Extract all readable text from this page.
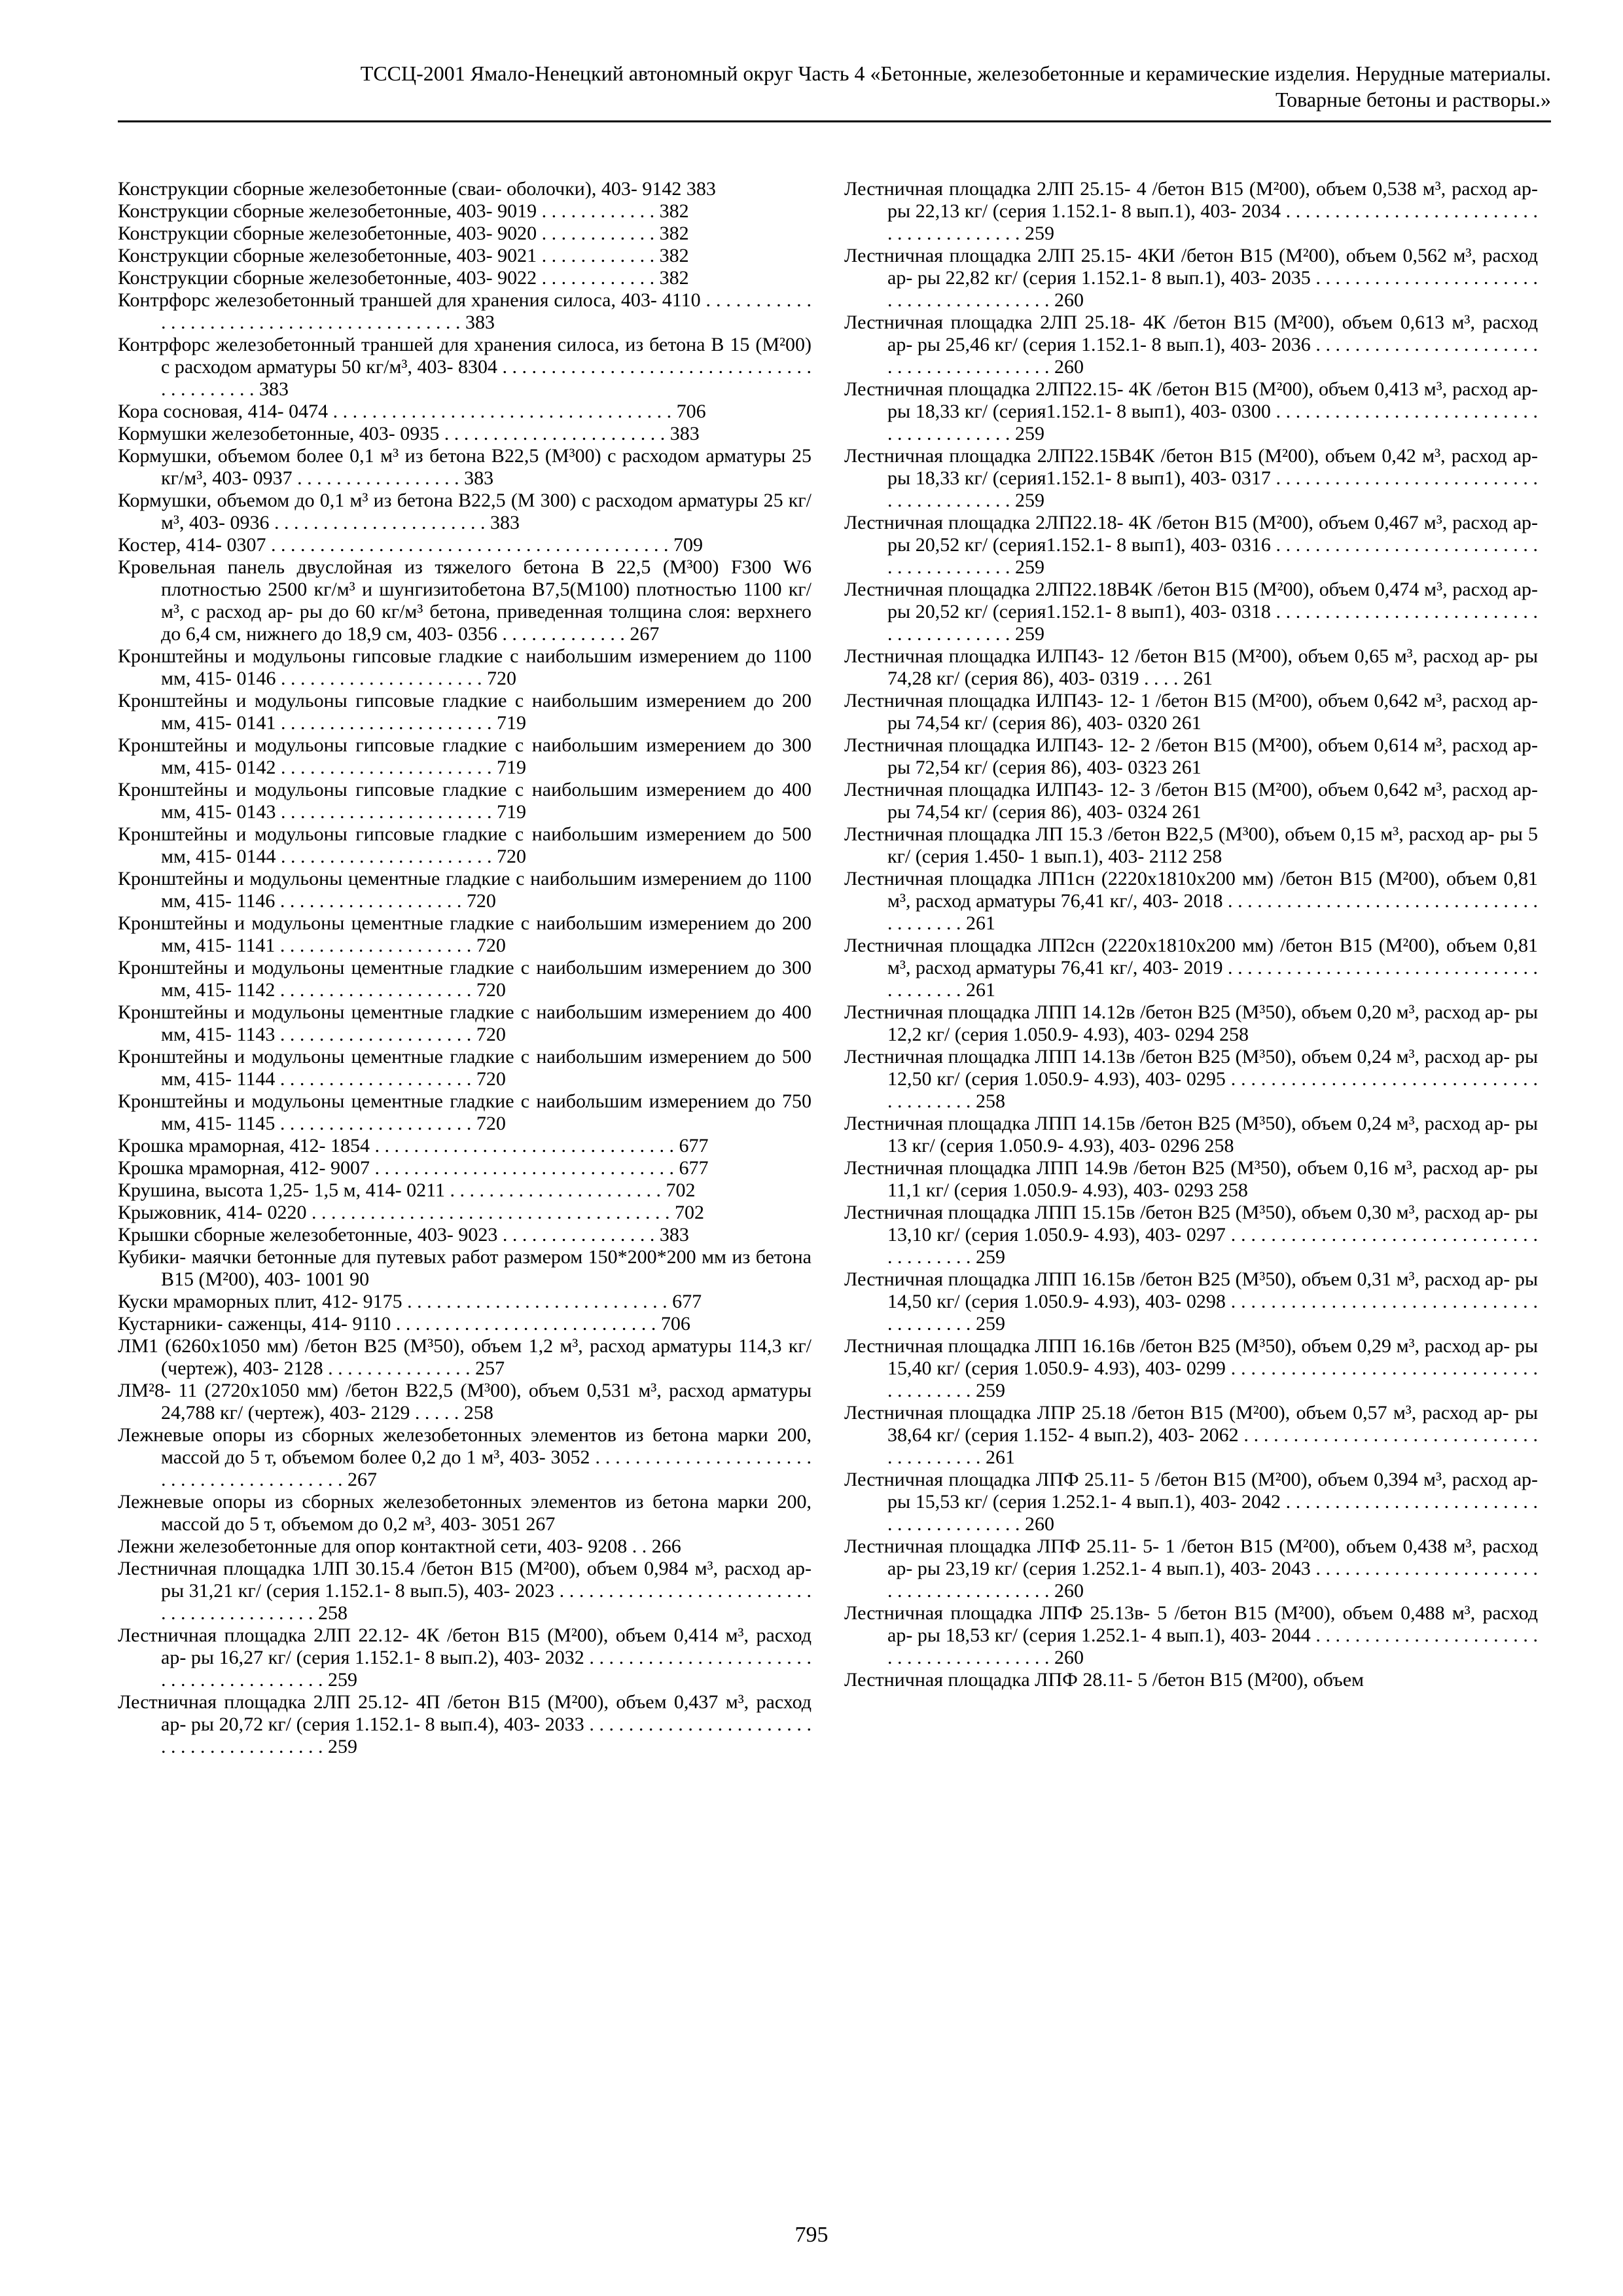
ТССЦ-2001 Ямало-Ненецкий автономный округ Часть 4 «Бетонные, железобетонные и керамические изделия. Нерудные материалы.
Товарные бетоны и растворы.»

Конструкции сборные железобетонные (сваи- оболочки), 403- 9142 383

Конструкции сборные железобетонные, 403- 9019 . . . . . . . . . . . . 382

Конструкции сборные железобетонные, 403- 9020 . . . . . . . . . . . . 382

Конструкции сборные железобетонные, 403- 9021 . . . . . . . . . . . . 382

Конструкции сборные железобетонные, 403- 9022 . . . . . . . . . . . . 382

Контрфорс железобетонный траншей для хранения силоса, 403- 4110 . . . . . . . . . . . . . . . . . . . . . . . . . . . . . . . . . . . . . . . . . . 383

Контрфорс железобетонный траншей для хранения силоса, из бетона В 15 (М²00) с расходом арматуры 50 кг/м³, 403- 8304 . . . . . . . . . . . . . . . . . . . . . . . . . . . . . . . . . . . . . . . . . . 383

Кора сосновая, 414- 0474 . . . . . . . . . . . . . . . . . . . . . . . . . . . . . . . . . . . 706

Кормушки железобетонные, 403- 0935 . . . . . . . . . . . . . . . . . . . . . . . 383

Кормушки, объемом более 0,1 м³ из бетона В22,5 (М³00) с расходом арматуры 25 кг/м³, 403- 0937 . . . . . . . . . . . . . . . . . 383

Кормушки, объемом до 0,1 м³ из бетона В22,5 (М 300) с расходом арматуры 25 кг/м³, 403- 0936 . . . . . . . . . . . . . . . . . . . . . . 383

Костер, 414- 0307 . . . . . . . . . . . . . . . . . . . . . . . . . . . . . . . . . . . . . . . . . 709

Кровельная панель двуслойная из тяжелого бетона В 22,5 (М³00) F300 W6 плотностью 2500 кг/м³ и шунгизитобетона В7,5(М100) плотностью 1100 кг/м³, с расход ар- ры до 60 кг/м³ бетона, приведенная толщина слоя: верхнего до 6,4 см, нижнего до 18,9 см, 403- 0356 . . . . . . . . . . . . . 267

Кронштейны и модульоны гипсовые гладкие с наибольшим измерением до 1100 мм, 415- 0146 . . . . . . . . . . . . . . . . . . . . . 720

Кронштейны и модульоны гипсовые гладкие с наибольшим измерением до 200 мм, 415- 0141 . . . . . . . . . . . . . . . . . . . . . . 719

Кронштейны и модульоны гипсовые гладкие с наибольшим измерением до 300 мм, 415- 0142 . . . . . . . . . . . . . . . . . . . . . . 719

Кронштейны и модульоны гипсовые гладкие с наибольшим измерением до 400 мм, 415- 0143 . . . . . . . . . . . . . . . . . . . . . . 719

Кронштейны и модульоны гипсовые гладкие с наибольшим измерением до 500 мм, 415- 0144 . . . . . . . . . . . . . . . . . . . . . . 720

Кронштейны и модульоны цементные гладкие с наибольшим измерением до 1100 мм, 415- 1146 . . . . . . . . . . . . . . . . . . . 720

Кронштейны и модульоны цементные гладкие с наибольшим измерением до 200 мм, 415- 1141 . . . . . . . . . . . . . . . . . . . . 720

Кронштейны и модульоны цементные гладкие с наибольшим измерением до 300 мм, 415- 1142 . . . . . . . . . . . . . . . . . . . . 720

Кронштейны и модульоны цементные гладкие с наибольшим измерением до 400 мм, 415- 1143 . . . . . . . . . . . . . . . . . . . . 720

Кронштейны и модульоны цементные гладкие с наибольшим измерением до 500 мм, 415- 1144 . . . . . . . . . . . . . . . . . . . . 720

Кронштейны и модульоны цементные гладкие с наибольшим измерением до 750 мм, 415- 1145 . . . . . . . . . . . . . . . . . . . . 720

Крошка мраморная, 412- 1854 . . . . . . . . . . . . . . . . . . . . . . . . . . . . . . . 677

Крошка мраморная, 412- 9007 . . . . . . . . . . . . . . . . . . . . . . . . . . . . . . . 677

Крушина, высота 1,25- 1,5 м, 414- 0211 . . . . . . . . . . . . . . . . . . . . . . 702

Крыжовник, 414- 0220 . . . . . . . . . . . . . . . . . . . . . . . . . . . . . . . . . . . . . 702

Крышки сборные железобетонные, 403- 9023 . . . . . . . . . . . . . . . . 383

Кубики- маячки бетонные для путевых работ размером 150*200*200 мм из бетона В15 (М²00), 403- 1001 90

Куски мраморных плит, 412- 9175 . . . . . . . . . . . . . . . . . . . . . . . . . . . 677

Кустарники- саженцы, 414- 9110 . . . . . . . . . . . . . . . . . . . . . . . . . . . 706

ЛМ1 (6260x1050 мм) /бетон В25 (М³50), объем 1,2 м³, расход арматуры 114,3 кг/ (чертеж), 403- 2128 . . . . . . . . . . . . . . . 257

ЛМ²8- 11 (2720x1050 мм) /бетон В22,5 (М³00), объем 0,531 м³, расход арматуры 24,788 кг/ (чертеж), 403- 2129 . . . . . 258

Лежневые опоры из сборных железобетонных элементов из бетона марки 200, массой до 5 т, объемом более 0,2 до 1 м³, 403- 3052 . . . . . . . . . . . . . . . . . . . . . . . . . . . . . . . . . . . . . . . . . 267

Лежневые опоры из сборных железобетонных элементов из бетона марки 200, массой до 5 т, объемом до 0,2 м³, 403- 3051 267

Лежни железобетонные для опор контактной сети, 403- 9208 . . 266

Лестничная площадка 1ЛП 30.15.4 /бетон В15 (М²00), объем 0,984 м³, расход ар- ры 31,21 кг/ (серия 1.152.1- 8 вып.5), 403- 2023 . . . . . . . . . . . . . . . . . . . . . . . . . . . . . . . . . . . . . . . . . . 258

Лестничная площадка 2ЛП 22.12- 4К /бетон В15 (М²00), объем 0,414 м³, расход ар- ры 16,27 кг/ (серия 1.152.1- 8 вып.2), 403- 2032 . . . . . . . . . . . . . . . . . . . . . . . . . . . . . . . . . . . . . . . . 259

Лестничная площадка 2ЛП 25.12- 4П /бетон В15 (М²00), объем 0,437 м³, расход ар- ры 20,72 кг/ (серия 1.152.1- 8 вып.4), 403- 2033 . . . . . . . . . . . . . . . . . . . . . . . . . . . . . . . . . . . . . . . . 259

Лестничная площадка 2ЛП 25.15- 4 /бетон В15 (М²00), объем 0,538 м³, расход ар- ры 22,13 кг/ (серия 1.152.1- 8 вып.1), 403- 2034 . . . . . . . . . . . . . . . . . . . . . . . . . . . . . . . . . . . . . . . . 259

Лестничная площадка 2ЛП 25.15- 4КИ /бетон В15 (М²00), объем 0,562 м³, расход ар- ры 22,82 кг/ (серия 1.152.1- 8 вып.1), 403- 2035 . . . . . . . . . . . . . . . . . . . . . . . . . . . . . . . . . . . . . . . . 260

Лестничная площадка 2ЛП 25.18- 4К /бетон В15 (М²00), объем 0,613 м³, расход ар- ры 25,46 кг/ (серия 1.152.1- 8 вып.1), 403- 2036 . . . . . . . . . . . . . . . . . . . . . . . . . . . . . . . . . . . . . . . . 260

Лестничная площадка 2ЛП22.15- 4К /бетон В15 (М²00), объем 0,413 м³, расход ар- ры 18,33 кг/ (серия1.152.1- 8 вып1), 403- 0300 . . . . . . . . . . . . . . . . . . . . . . . . . . . . . . . . . . . . . . . . 259

Лестничная площадка 2ЛП22.15В4К /бетон В15 (М²00), объем 0,42 м³, расход ар- ры 18,33 кг/ (серия1.152.1- 8 вып1), 403- 0317 . . . . . . . . . . . . . . . . . . . . . . . . . . . . . . . . . . . . . . . . 259

Лестничная площадка 2ЛП22.18- 4К /бетон В15 (М²00), объем 0,467 м³, расход ар- ры 20,52 кг/ (серия1.152.1- 8 вып1), 403- 0316 . . . . . . . . . . . . . . . . . . . . . . . . . . . . . . . . . . . . . . . . 259

Лестничная площадка 2ЛП22.18В4К /бетон В15 (М²00), объем 0,474 м³, расход ар- ры 20,52 кг/ (серия1.152.1- 8 вып1), 403- 0318 . . . . . . . . . . . . . . . . . . . . . . . . . . . . . . . . . . . . . . . . 259

Лестничная площадка ИЛП43- 12 /бетон В15 (М²00), объем 0,65 м³, расход ар- ры 74,28 кг/ (серия 86), 403- 0319 . . . . 261

Лестничная площадка ИЛП43- 12- 1 /бетон В15 (М²00), объем 0,642 м³, расход ар- ры 74,54 кг/ (серия 86), 403- 0320 261

Лестничная площадка ИЛП43- 12- 2 /бетон В15 (М²00), объем 0,614 м³, расход ар- ры 72,54 кг/ (серия 86), 403- 0323 261

Лестничная площадка ИЛП43- 12- 3 /бетон В15 (М²00), объем 0,642 м³, расход ар- ры 74,54 кг/ (серия 86), 403- 0324 261

Лестничная площадка ЛП 15.3 /бетон В22,5 (М³00), объем 0,15 м³, расход ар- ры 5 кг/ (серия 1.450- 1 вып.1), 403- 2112 258

Лестничная площадка ЛП1сн (2220x1810x200 мм) /бетон В15 (М²00), объем 0,81 м³, расход арматуры 76,41 кг/, 403- 2018 . . . . . . . . . . . . . . . . . . . . . . . . . . . . . . . . . . . . . . . . 261

Лестничная площадка ЛП2сн (2220x1810x200 мм) /бетон В15 (М²00), объем 0,81 м³, расход арматуры 76,41 кг/, 403- 2019 . . . . . . . . . . . . . . . . . . . . . . . . . . . . . . . . . . . . . . . . 261

Лестничная площадка ЛПП 14.12в /бетон В25 (М³50), объем 0,20 м³, расход ар- ры 12,2 кг/ (серия 1.050.9- 4.93), 403- 0294 258

Лестничная площадка ЛПП 14.13в /бетон В25 (М³50), объем 0,24 м³, расход ар- ры 12,50 кг/ (серия 1.050.9- 4.93), 403- 0295 . . . . . . . . . . . . . . . . . . . . . . . . . . . . . . . . . . . . . . . . 258

Лестничная площадка ЛПП 14.15в /бетон В25 (М³50), объем 0,24 м³, расход ар- ры 13 кг/ (серия 1.050.9- 4.93), 403- 0296 258

Лестничная площадка ЛПП 14.9в /бетон В25 (М³50), объем 0,16 м³, расход ар- ры 11,1 кг/ (серия 1.050.9- 4.93), 403- 0293 258

Лестничная площадка ЛПП 15.15в /бетон В25 (М³50), объем 0,30 м³, расход ар- ры 13,10 кг/ (серия 1.050.9- 4.93), 403- 0297 . . . . . . . . . . . . . . . . . . . . . . . . . . . . . . . . . . . . . . . . 259

Лестничная площадка ЛПП 16.15в /бетон В25 (М³50), объем 0,31 м³, расход ар- ры 14,50 кг/ (серия 1.050.9- 4.93), 403- 0298 . . . . . . . . . . . . . . . . . . . . . . . . . . . . . . . . . . . . . . . . 259

Лестничная площадка ЛПП 16.16в /бетон В25 (М³50), объем 0,29 м³, расход ар- ры 15,40 кг/ (серия 1.050.9- 4.93), 403- 0299 . . . . . . . . . . . . . . . . . . . . . . . . . . . . . . . . . . . . . . . . 259

Лестничная площадка ЛПР 25.18 /бетон В15 (М²00), объем 0,57 м³, расход ар- ры 38,64 кг/ (серия 1.152- 4 вып.2), 403- 2062 . . . . . . . . . . . . . . . . . . . . . . . . . . . . . . . . . . . . . . . . 261

Лестничная площадка ЛПФ 25.11- 5 /бетон В15 (М²00), объем 0,394 м³, расход ар- ры 15,53 кг/ (серия 1.252.1- 4 вып.1), 403- 2042 . . . . . . . . . . . . . . . . . . . . . . . . . . . . . . . . . . . . . . . . 260

Лестничная площадка ЛПФ 25.11- 5- 1 /бетон В15 (М²00), объем 0,438 м³, расход ар- ры 23,19 кг/ (серия 1.252.1- 4 вып.1), 403- 2043 . . . . . . . . . . . . . . . . . . . . . . . . . . . . . . . . . . . . . . . . 260

Лестничная площадка ЛПФ 25.13в- 5 /бетон В15 (М²00), объем 0,488 м³, расход ар- ры 18,53 кг/ (серия 1.252.1- 4 вып.1), 403- 2044 . . . . . . . . . . . . . . . . . . . . . . . . . . . . . . . . . . . . . . . . 260

Лестничная площадка ЛПФ 28.11- 5 /бетон В15 (М²00), объем

795
